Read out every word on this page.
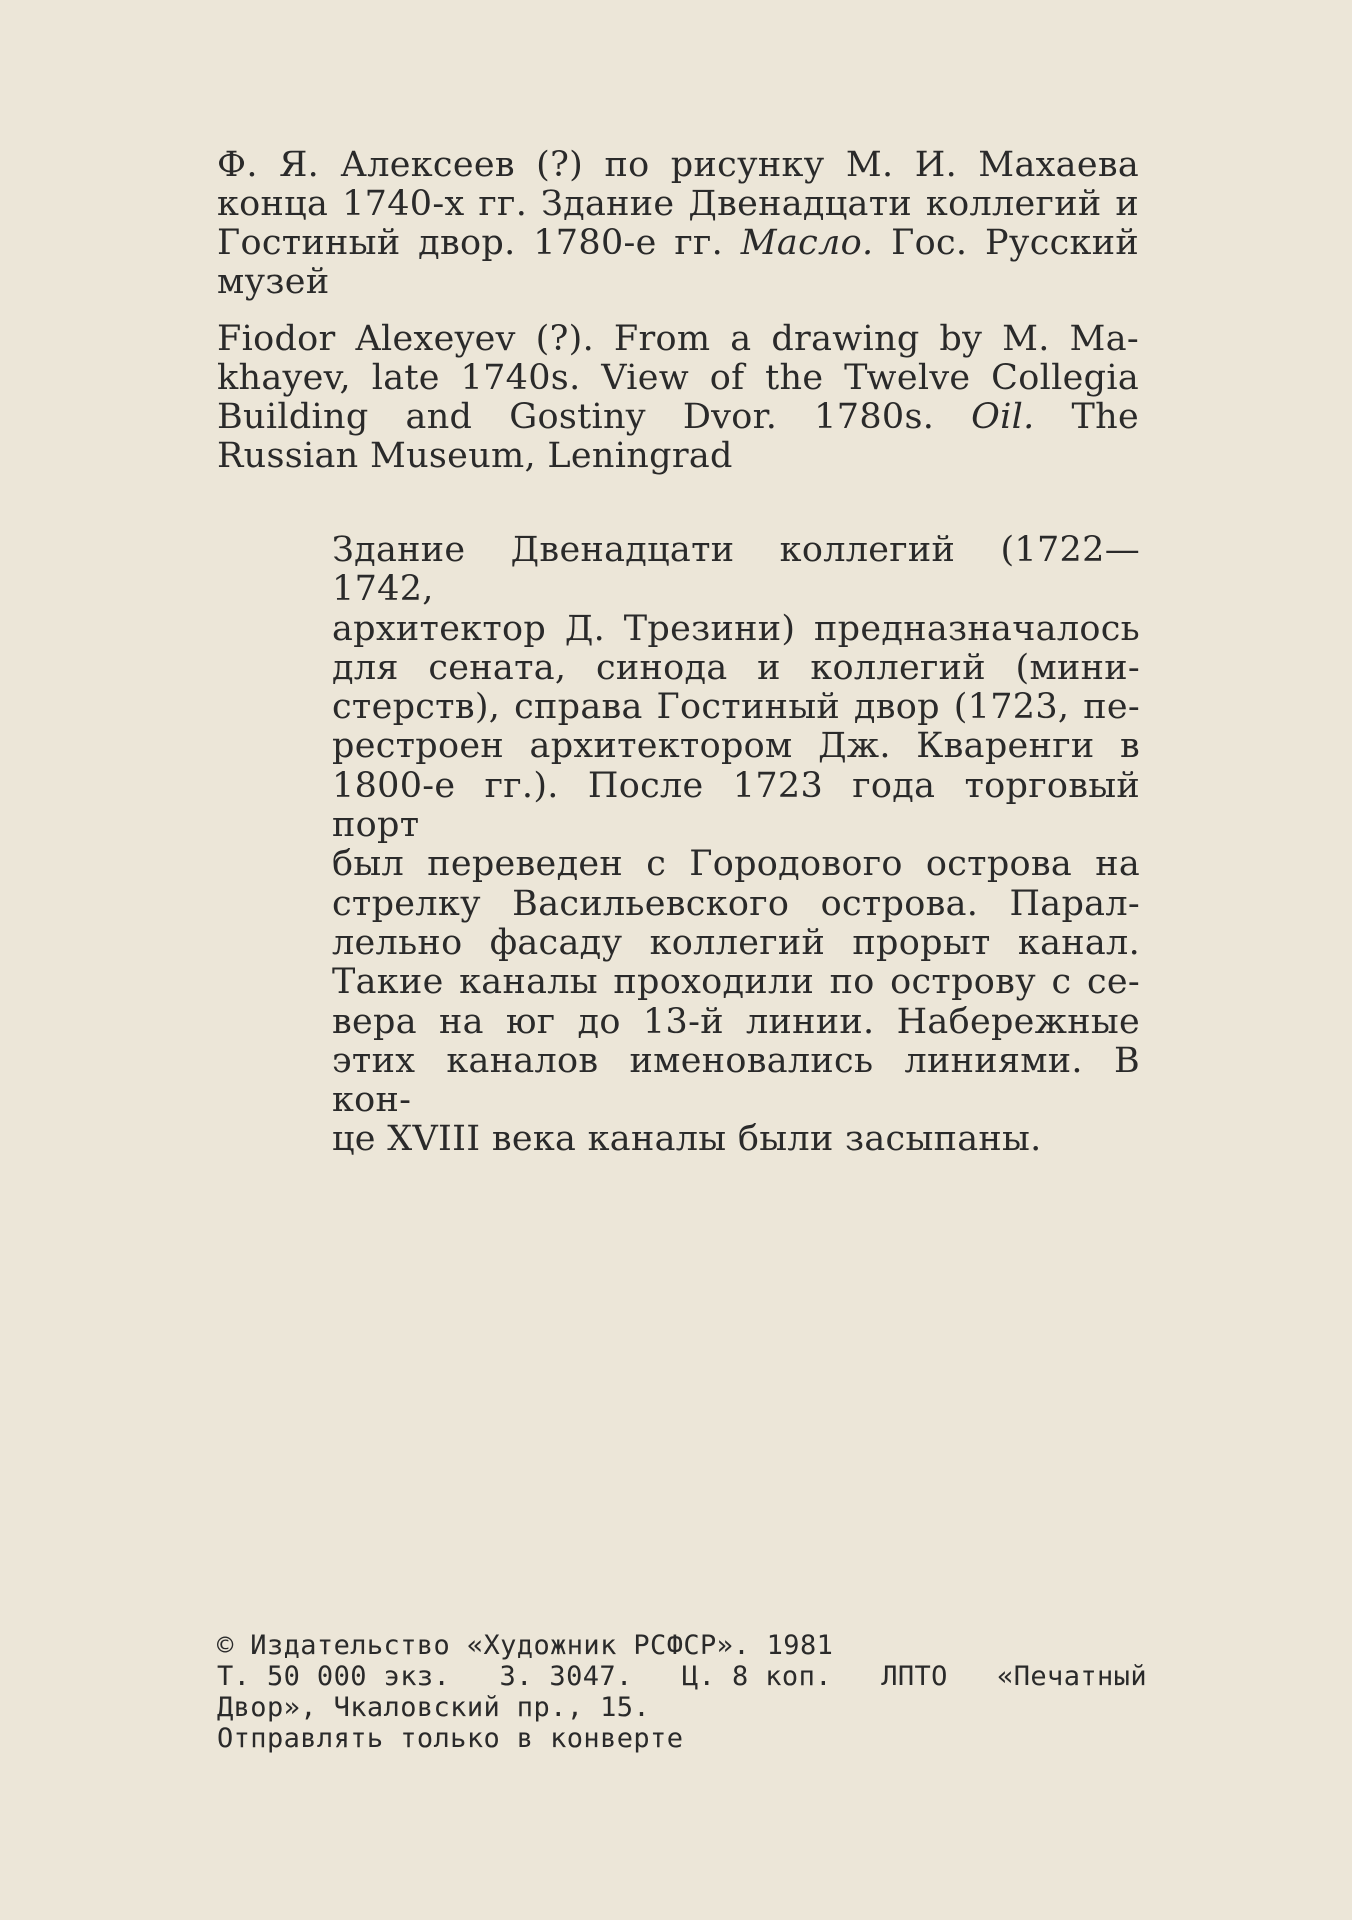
Ф. Я. Алексеев (?) по рисунку М. И. Махаева
конца 1740-х гг. Здание Двенадцати коллегий и
Гостиный двор. 1780-е гг. Масло. Гос. Русский
музей
Fiodor Alexeyev (?). From a drawing by M. Ma-
khayev, late 1740s. View of the Twelve Collegia
Building and Gostiny Dvor. 1780s. Oil. The
Russian Museum, Leningrad
Здание Двенадцати коллегий (1722—1742,
архитектор Д. Трезини) предназначалось
для сената, синода и коллегий (мини-
стерств), справа Гостиный двор (1723, пе-
рестроен архитектором Дж. Кваренги в
1800-е гг.). После 1723 года торговый порт
был переведен с Городового острова на
стрелку Васильевского острова. Парал-
лельно фасаду коллегий прорыт канал.
Такие каналы проходили по острову с се-
вера на юг до 13-й линии. Набережные
этих каналов именовались линиями. В кон-
це XVIII века каналы были засыпаны.
© Издательство «Художник РСФСР». 1981
Т. 50 000 экз. З. 3047. Ц. 8 коп. ЛПТО «Печатный
Двор», Чкаловский пр., 15.
Отправлять только в конверте
